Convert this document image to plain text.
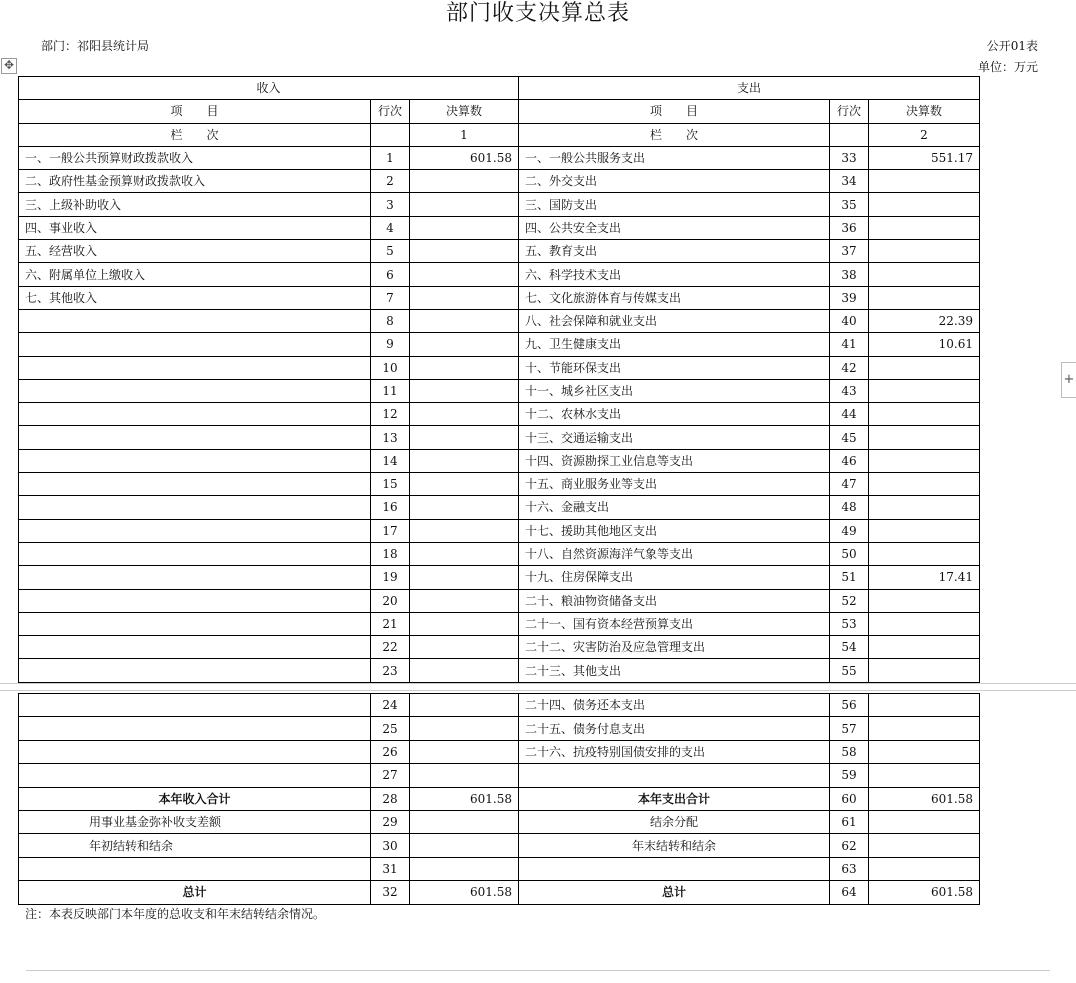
部门收支决算总表
部门：祁阳县统计局	公开01表
单位：万元
✥
+
收入			支出		
项　　目	行次	决算数	项　　目	行次	决算数
栏　　次		1	栏　　次		2
一、一般公共预算财政拨款收入	1	601.58	一、一般公共服务支出	33	551.17
二、政府性基金预算财政拨款收入	2		二、外交支出	34	
三、上级补助收入	3		三、国防支出	35	
四、事业收入	4		四、公共安全支出	36	
五、经营收入	5		五、教育支出	37	
六、附属单位上缴收入	6		六、科学技术支出	38	
七、其他收入	7		七、文化旅游体育与传媒支出	39	
	8		八、社会保障和就业支出	40	22.39
	9		九、卫生健康支出	41	10.61
	10		十、节能环保支出	42	
	11		十一、城乡社区支出	43	
	12		十二、农林水支出	44	
	13		十三、交通运输支出	45	
	14		十四、资源勘探工业信息等支出	46	
	15		十五、商业服务业等支出	47	
	16		十六、金融支出	48	
	17		十七、援助其他地区支出	49	
	18		十八、自然资源海洋气象等支出	50	
	19		十九、住房保障支出	51	17.41
	20		二十、粮油物资储备支出	52	
	21		二十一、国有资本经营预算支出	53	
	22		二十二、灾害防治及应急管理支出	54	
	23		二十三、其他支出	55	
	24		二十四、债务还本支出	56	
	25		二十五、债务付息支出	57	
	26		二十六、抗疫特别国债安排的支出	58	
	27			59	
本年收入合计	28	601.58	本年支出合计	60	601.58
用事业基金弥补收支差额	29		结余分配	61	
年初结转和结余	30		年末结转和结余	62	
	31			63	
总计	32	601.58	总计	64	601.58
注：本表反映部门本年度的总收支和年末结转结余情况。
